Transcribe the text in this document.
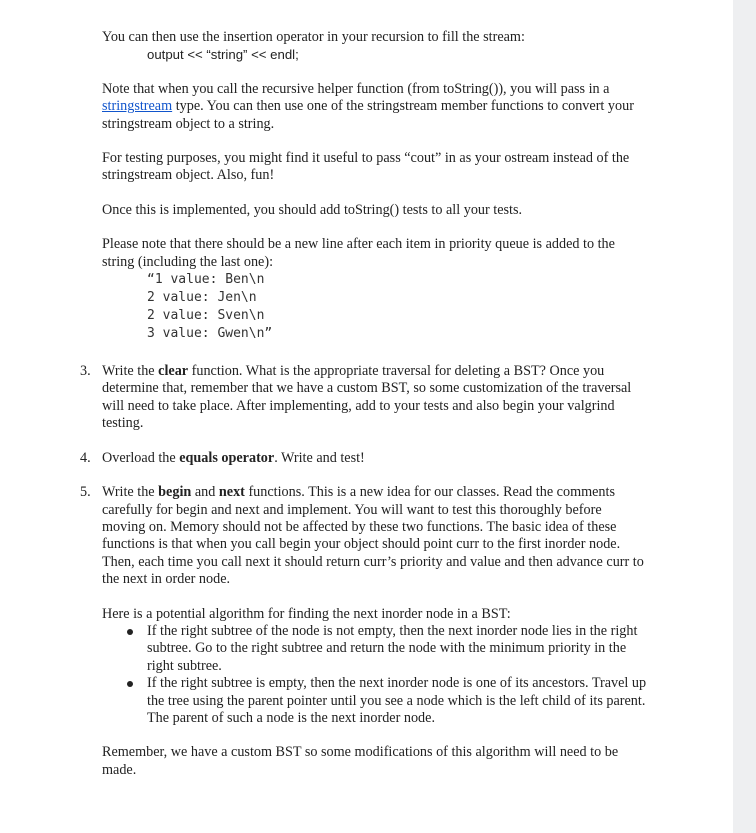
You can then use the insertion operator in your recursion to fill the stream:

output << “string” << endl;

Note that when you call the recursive helper function (from toString()), you will pass in a stringstream type. You can then use one of the stringstream member functions to convert your stringstream object to a string.

For testing purposes, you might find it useful to pass “cout” in as your ostream instead of the stringstream object. Also, fun!

Once this is implemented, you should add toString() tests to all your tests.

Please note that there should be a new line after each item in priority queue is added to the string (including the last one):

“1 value: Ben\n
2 value: Jen\n
2 value: Sven\n
3 value: Gwen\n”
3. Write the clear function. What is the appropriate traversal for deleting a BST? Once you determine that, remember that we have a custom BST, so some customization of the traversal will need to take place. After implementing, add to your tests and also begin your valgrind testing.

4. Overload the equals operator. Write and test!

5. Write the begin and next functions. This is a new idea for our classes. Read the comments carefully for begin and next and implement. You will want to test this thoroughly before moving on. Memory should not be affected by these two functions. The basic idea of these functions is that when you call begin your object should point curr to the first inorder node. Then, each time you call next it should return curr’s priority and value and then advance curr to the next in order node.

Here is a potential algorithm for finding the next inorder node in a BST:

If the right subtree of the node is not empty, then the next inorder node lies in the right subtree. Go to the right subtree and return the node with the minimum priority in the right subtree.
If the right subtree is empty, then the next inorder node is one of its ancestors. Travel up the tree using the parent pointer until you see a node which is the left child of its parent. The parent of such a node is the next inorder node.

Remember, we have a custom BST so some modifications of this algorithm will need to be made.
